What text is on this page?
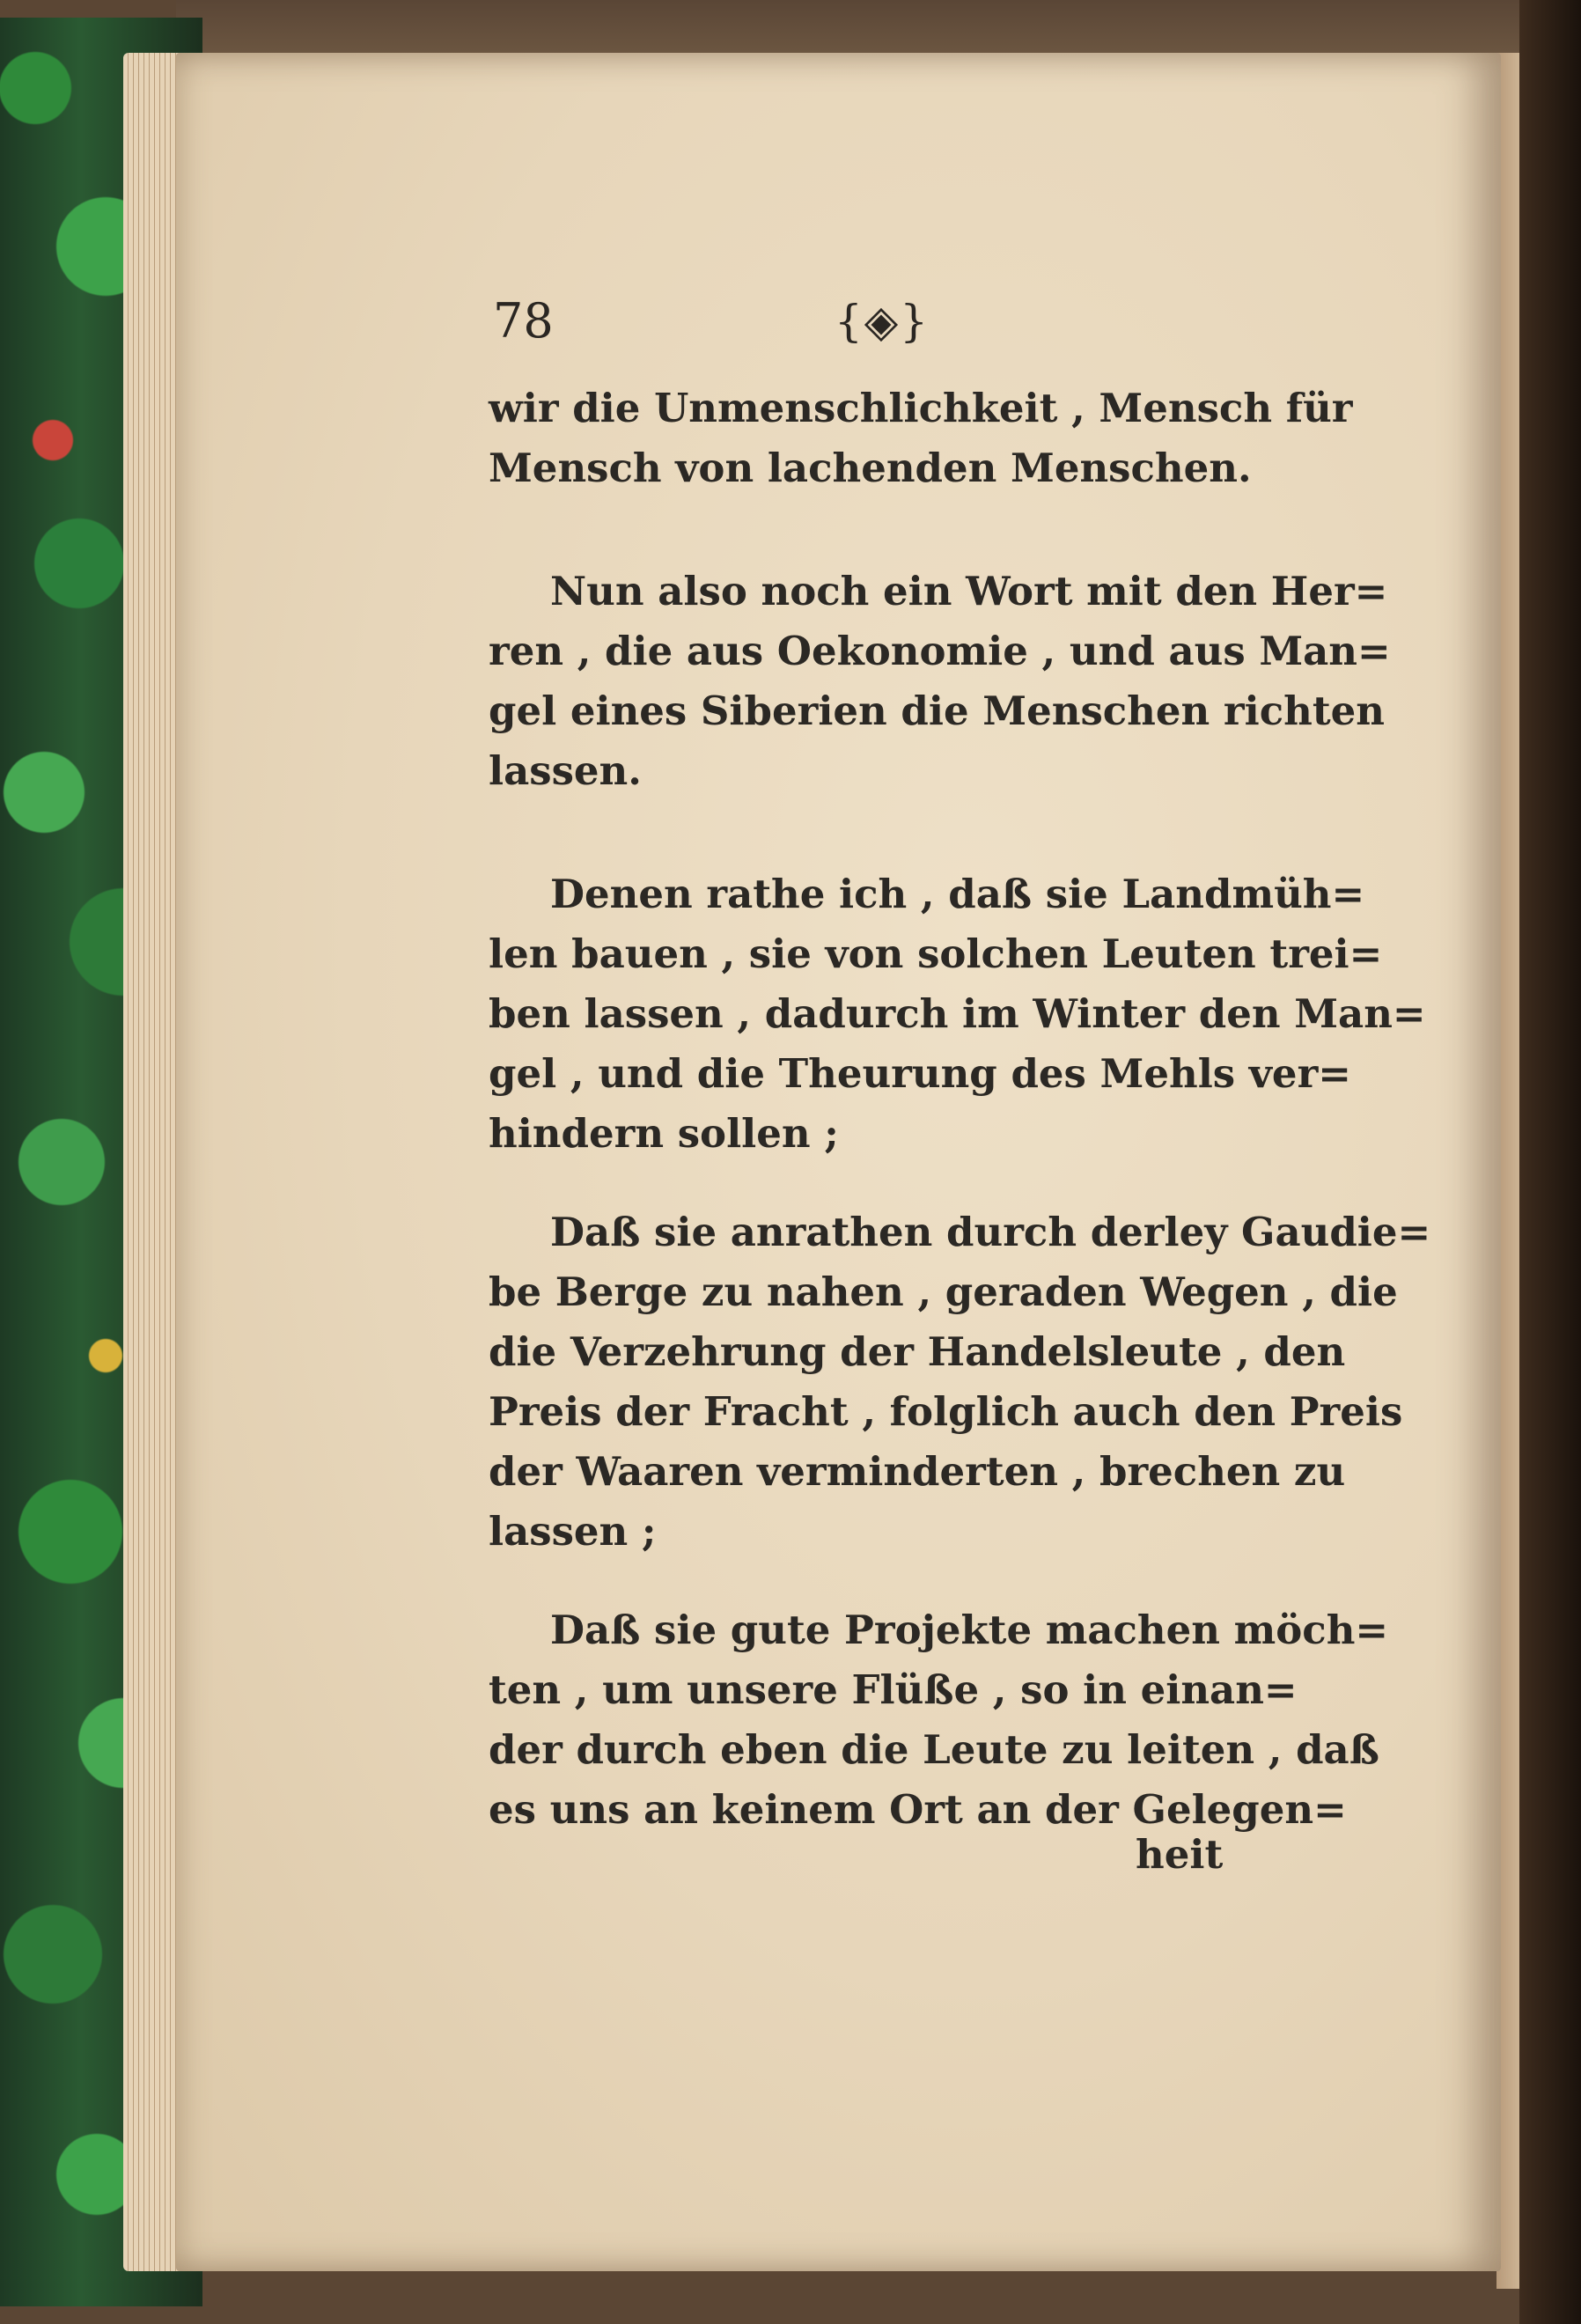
78	{◈}

wir die Unmenschlichkeit , Mensch für
Mensch von lachenden Menschen.

Nun also noch ein Wort mit den Her=
ren , die aus Oekonomie , und aus Man=
gel eines Siberien die Menschen richten
lassen.

Denen rathe ich , daß sie Landmüh=
len bauen , sie von solchen Leuten trei=
ben lassen , dadurch im Winter den Man=
gel , und die Theurung des Mehls ver=
hindern sollen ;

Daß sie anrathen durch derley Gaudie=
be Berge zu nahen , geraden Wegen , die
die Verzehrung der Handelsleute , den
Preis der Fracht , folglich auch den Preis
der Waaren verminderten , brechen zu
lassen ;

Daß sie gute Projekte machen möch=
ten , um unsere Flüße , so in einan=
der durch eben die Leute zu leiten , daß
es uns an keinem Ort an der Gelegen=

heit
